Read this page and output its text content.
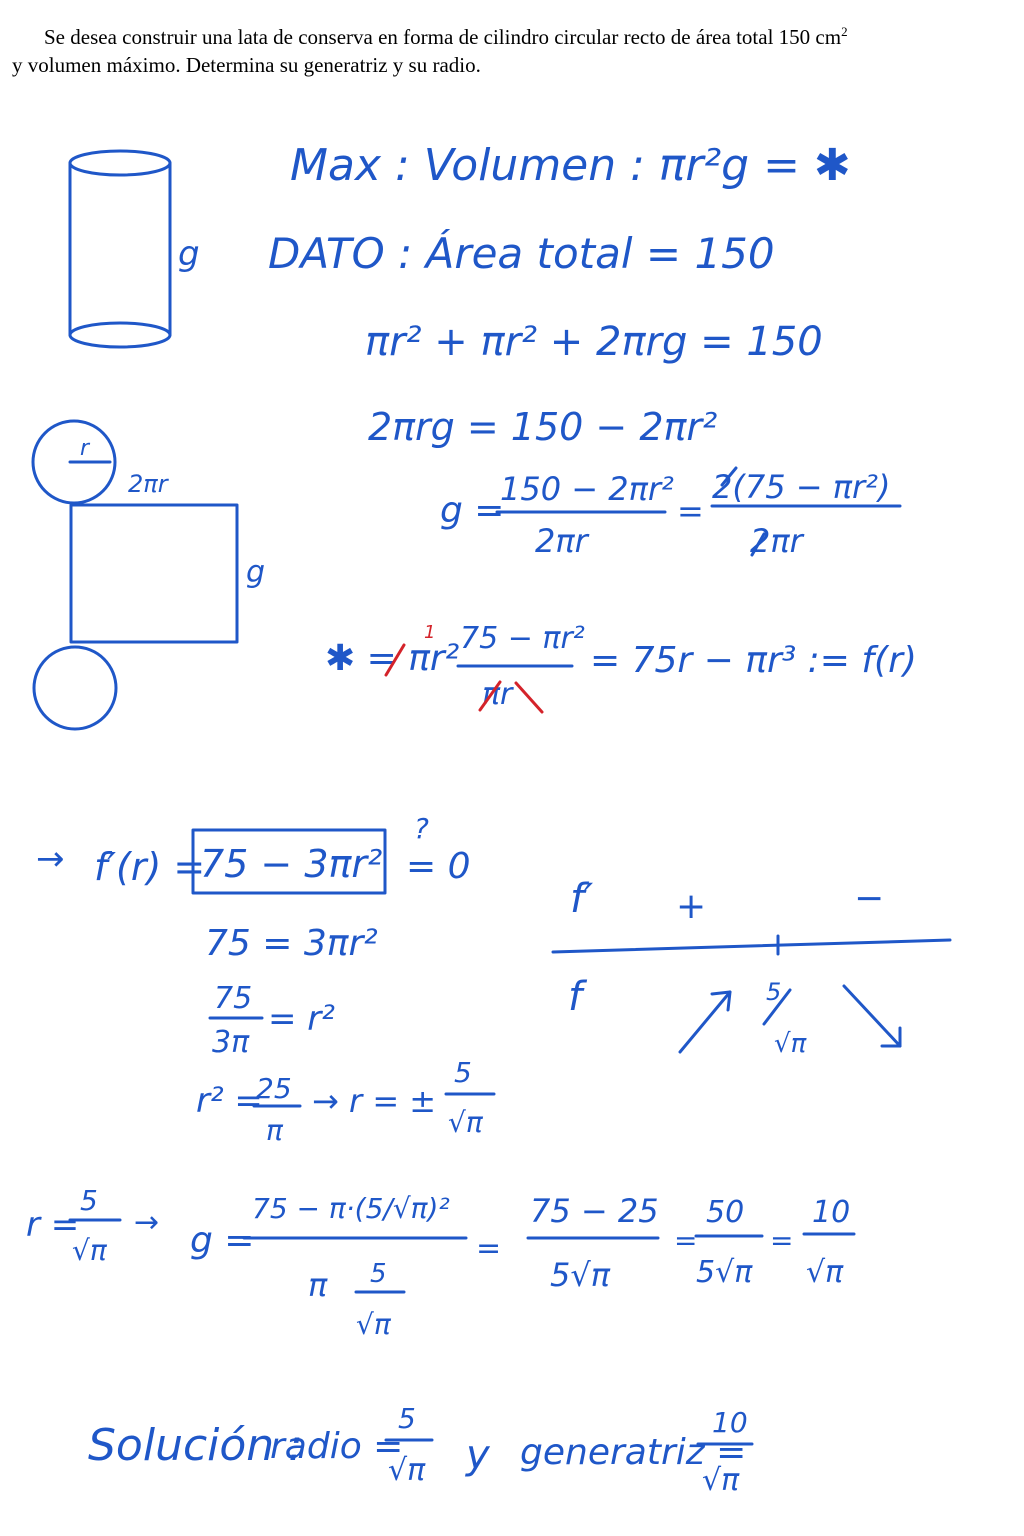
Se desea construir una lata de conserva en forma de cilindro circular recto de área total 150 $cm^2$
y volumen máximo. Determina su generatriz y su radio.

g
r
2πr
g
Max : Volumen : πr²g = ✱
DATO : Área total = 150
πr² + πr² + 2πrg = 150
2πrg = 150 − 2πr²
g =
150 − 2πr²
2πr
=
2(75 − πr²)
2πr
✱ = πr²
1 75 − πr²
πr
= 75r − πr³ := f(r)
→ f′(r) =
75 − 3πr²
?
= 0
75 = 3πr²
75
3π
= r²
r² =
25
π
→ r = ±
5
√π
f′ +	−
f	5
√π
r =
5
√π
→ g =
75 − π·(5/√π)²
π 5
√π
=
75 − 25
5√π
=
50
5√π
=
10
√π
Solución :
radio =
5
√π y generatriz =
10
√π
